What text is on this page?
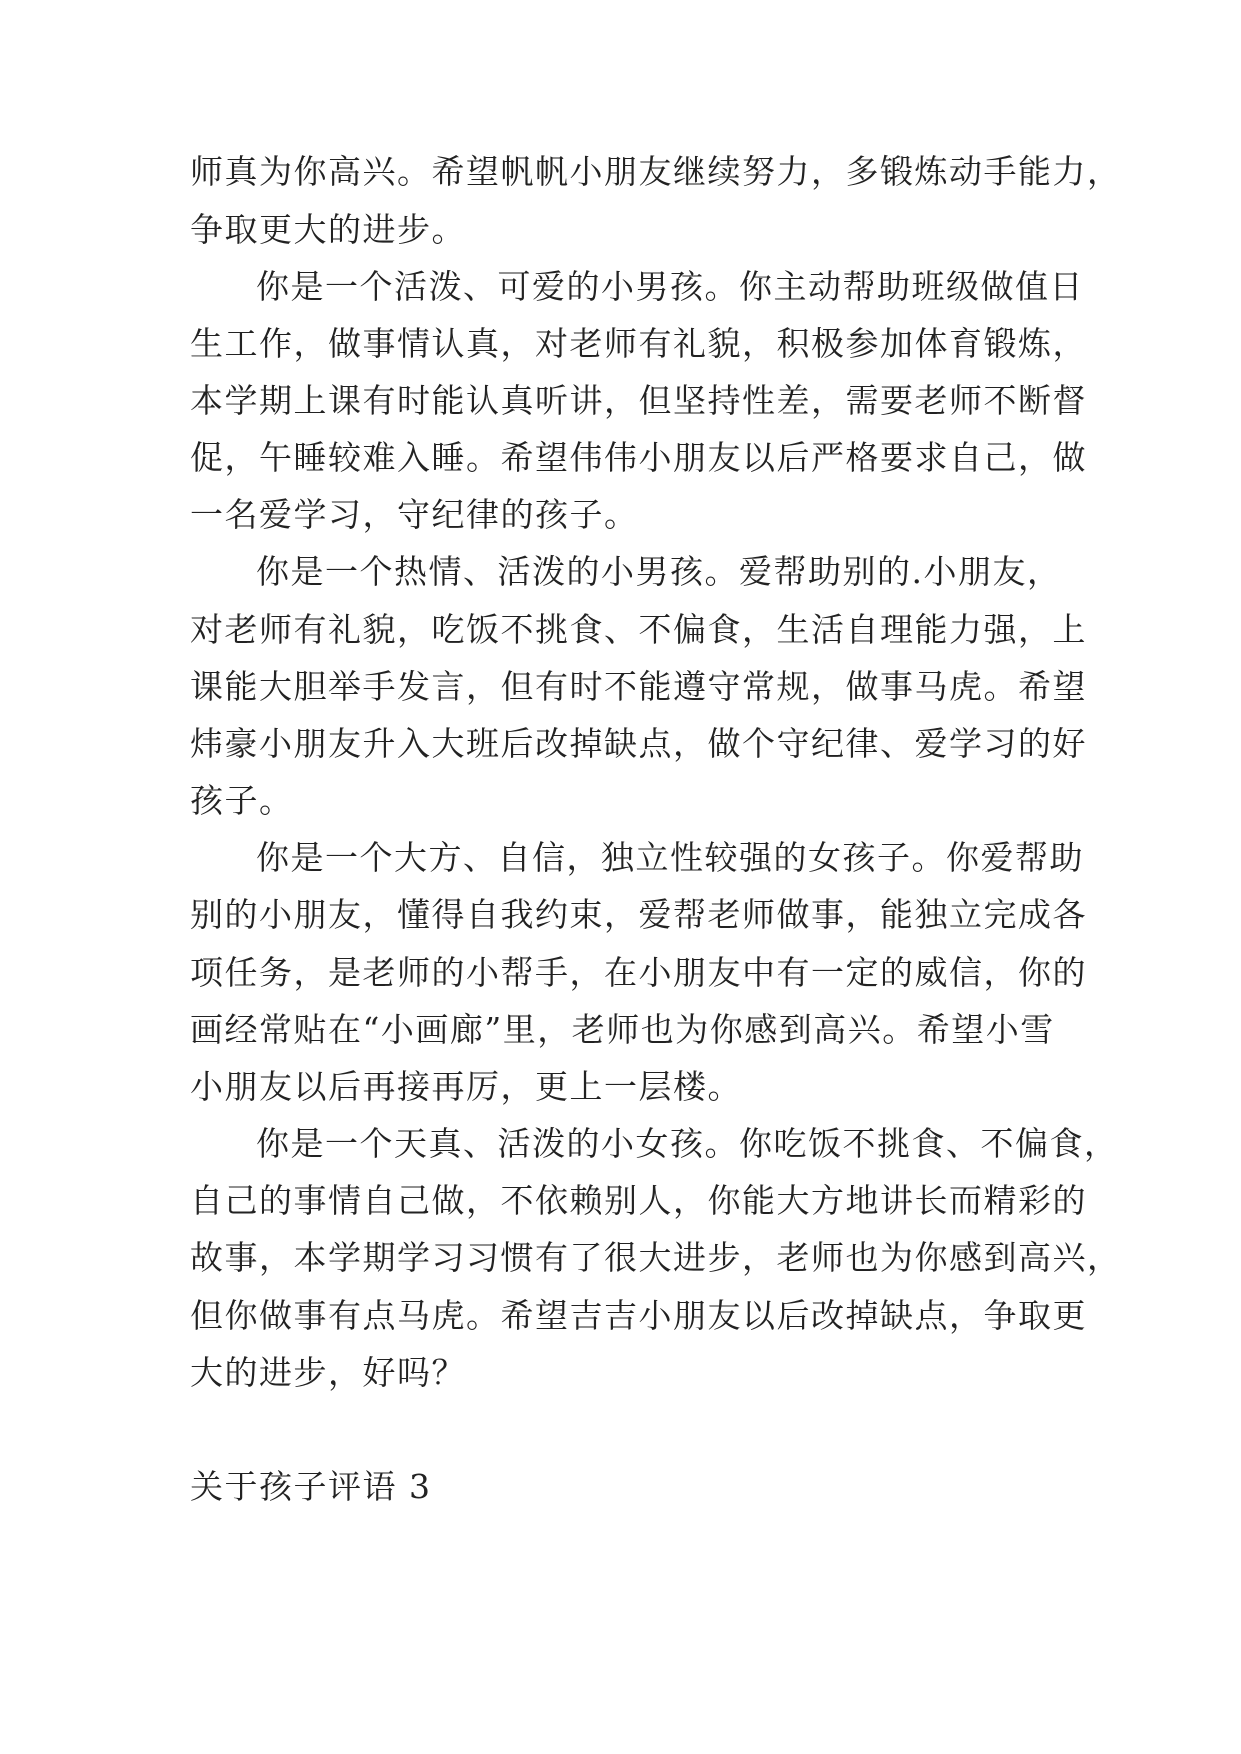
师真为你高兴。希望帆帆小朋友继续努力，多锻炼动手能力，
争取更大的进步。
你是一个活泼、可爱的小男孩。你主动帮助班级做值日
生工作，做事情认真，对老师有礼貌，积极参加体育锻炼，
本学期上课有时能认真听讲，但坚持性差，需要老师不断督
促，午睡较难入睡。希望伟伟小朋友以后严格要求自己，做
一名爱学习，守纪律的孩子。
你是一个热情、活泼的小男孩。爱帮助别的.小朋友，
对老师有礼貌，吃饭不挑食、不偏食，生活自理能力强，上
课能大胆举手发言，但有时不能遵守常规，做事马虎。希望
炜豪小朋友升入大班后改掉缺点，做个守纪律、爱学习的好
孩子。
你是一个大方、自信，独立性较强的女孩子。你爱帮助
别的小朋友，懂得自我约束，爱帮老师做事，能独立完成各
项任务，是老师的小帮手，在小朋友中有一定的威信，你的
画经常贴在“小画廊”里，老师也为你感到高兴。希望小雪
小朋友以后再接再厉，更上一层楼。
你是一个天真、活泼的小女孩。你吃饭不挑食、不偏食，
自己的事情自己做，不依赖别人，你能大方地讲长而精彩的
故事，本学期学习习惯有了很大进步，老师也为你感到高兴，
但你做事有点马虎。希望吉吉小朋友以后改掉缺点，争取更
大的进步，好吗？
关于孩子评语 3
